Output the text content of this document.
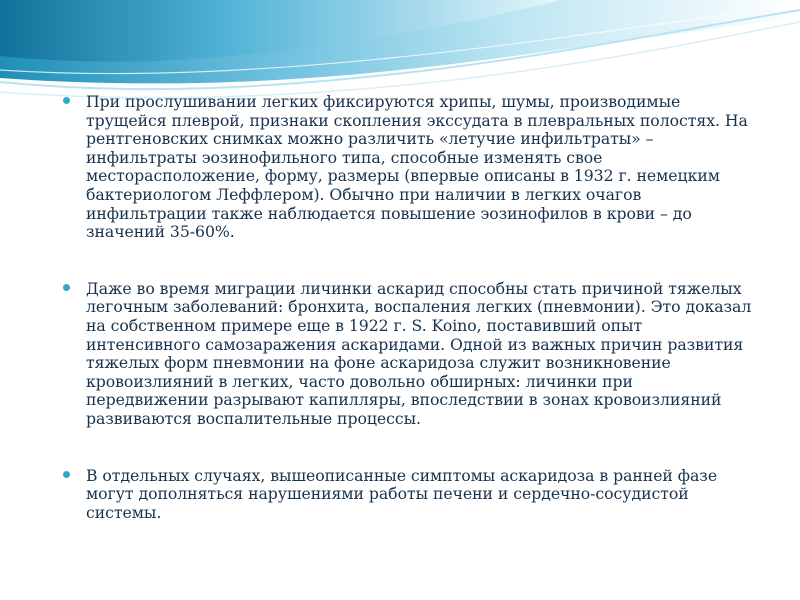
При прослушивании легких фиксируются хрипы, шумы, производимые трущейся плеврой, признаки скопления экссудата в плевральных полостях. На рентгеновских снимках можно различить «летучие инфильтраты» – инфильтраты эозинофильного типа, способные изменять свое месторасположение, форму, размеры (впервые описаны в 1932 г. немецким бактериологом Леффлером). Обычно при наличии в легких очагов инфильтрации также наблюдается повышение эозинофилов в крови – до значений 35-60%.
Даже во время миграции личинки аскарид способны стать причиной тяжелых легочным заболеваний: бронхита, воспаления легких (пневмонии). Это доказал на собственном примере еще в 1922 г. S. Koino, поставивший опыт интенсивного самозаражения аскаридами. Одной из важных причин развития тяжелых форм пневмонии на фоне аскаридоза служит возникновение кровоизлияний в легких, часто довольно обширных: личинки при передвижении разрывают капилляры, впоследствии в зонах кровоизлияний развиваются воспалительные процессы.
В отдельных случаях, вышеописанные симптомы аскаридоза в ранней фазе могут дополняться нарушениями работы печени и сердечно-сосудистой системы.
